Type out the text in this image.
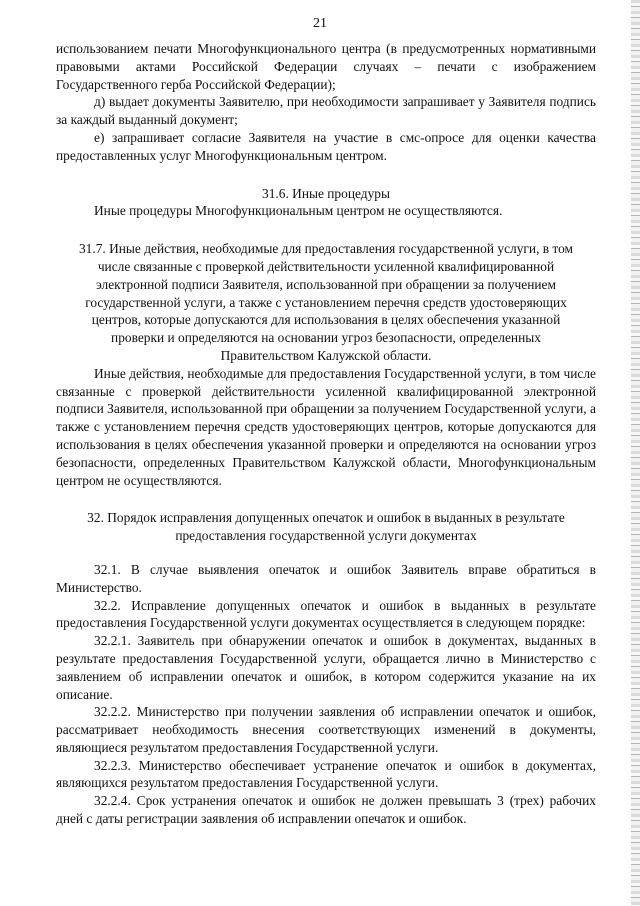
21

использованием печати Многофункционального центра (в предусмотренных нормативными правовыми актами Российской Федерации случаях – печати с изображением Государственного герба Российской Федерации);

д) выдает документы Заявителю, при необходимости запрашивает у Заявителя подпись за каждый выданный документ;

е) запрашивает согласие Заявителя на участие в смс-опросе для оценки качества предоставленных услуг Многофункциональным центром.

31.6. Иные процедуры

Иные процедуры Многофункциональным центром не осуществляются.

31.7. Иные действия, необходимые для предоставления государственной услуги, в том числе связанные с проверкой действительности усиленной квалифицированной электронной подписи Заявителя, использованной при обращении за получением государственной услуги, а также с установлением перечня средств удостоверяющих центров, которые допускаются для использования в целях обеспечения указанной проверки и определяются на основании угроз безопасности, определенных Правительством Калужской области.

Иные действия, необходимые для предоставления Государственной услуги, в том числе связанные с проверкой действительности усиленной квалифицированной электронной подписи Заявителя, использованной при обращении за получением Государственной услуги, а также с установлением перечня средств удостоверяющих центров, которые допускаются для использования в целях обеспечения указанной проверки и определяются на основании угроз безопасности, определенных Правительством Калужской области, Многофункциональным центром не осуществляются.

32. Порядок исправления допущенных опечаток и ошибок в выданных в результате предоставления государственной услуги документах

32.1. В случае выявления опечаток и ошибок Заявитель вправе обратиться в Министерство.

32.2. Исправление допущенных опечаток и ошибок в выданных в результате предоставления Государственной услуги документах осуществляется в следующем порядке:

32.2.1. Заявитель при обнаружении опечаток и ошибок в документах, выданных в результате предоставления Государственной услуги, обращается лично в Министерство с заявлением об исправлении опечаток и ошибок, в котором содержится указание на их описание.

32.2.2. Министерство при получении заявления об исправлении опечаток и ошибок, рассматривает необходимость внесения соответствующих изменений в документы, являющиеся результатом предоставления Государственной услуги.

32.2.3. Министерство обеспечивает устранение опечаток и ошибок в документах, являющихся результатом предоставления Государственной услуги.

32.2.4. Срок устранения опечаток и ошибок не должен превышать 3 (трех) рабочих дней с даты регистрации заявления об исправлении опечаток и ошибок.
